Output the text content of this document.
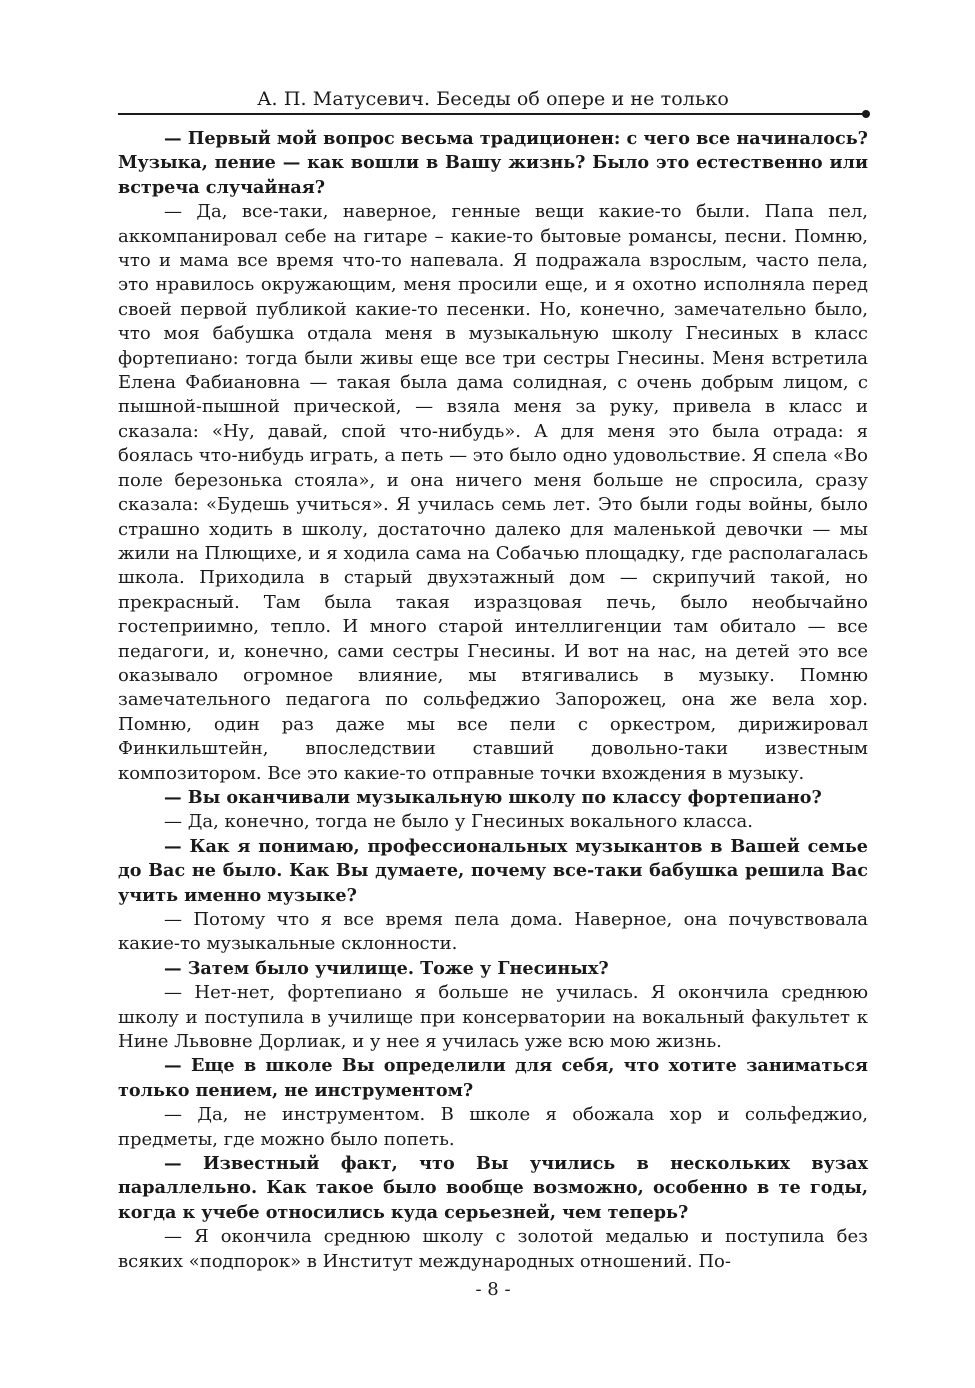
А. П. Матусевич. Беседы об опере и не только

— Первый мой вопрос весьма традиционен: с чего все начиналось? Музыка, пение — как вошли в Вашу жизнь? Было это естественно или встреча случайная?

— Да, все-таки, наверное, генные вещи какие-то были. Папа пел, аккомпанировал себе на гитаре – какие-то бытовые романсы, песни. Помню, что и мама все время что-то напевала. Я подражала взрослым, часто пела, это нравилось окружающим, меня просили еще, и я охотно исполняла перед своей первой публикой какие-то песенки. Но, конечно, замечательно было, что моя бабушка отдала меня в музыкальную школу Гнесиных в класс фортепиано: тогда были живы еще все три сестры Гнесины. Меня встретила Елена Фабиановна — такая была дама солидная, с очень добрым лицом, с пышной-пышной прической, — взяла меня за руку, привела в класс и сказала: «Ну, давай, спой что-нибудь». А для меня это была отрада: я боялась что-нибудь играть, а петь — это было одно удовольствие. Я спела «Во поле березонька стояла», и она ничего меня больше не спросила, сразу сказала: «Будешь учиться». Я училась семь лет. Это были годы войны, было страшно ходить в школу, достаточно далеко для маленькой девочки — мы жили на Плющихе, и я ходила сама на Собачью площадку, где располагалась школа. Приходила в старый двухэтажный дом — скрипучий такой, но прекрасный. Там была такая изразцовая печь, было необычайно гостеприимно, тепло. И много старой интеллигенции там обитало — все педагоги, и, конечно, сами сестры Гнесины. И вот на нас, на детей это все оказывало огромное влияние, мы втягивались в музыку. Помню замечательного педагога по сольфеджио Запорожец, она же вела хор. Помню, один раз даже мы все пели с оркестром, дирижировал Финкильштейн, впоследствии ставший довольно-таки известным композитором. Все это какие-то отправные точки вхождения в музыку.

— Вы оканчивали музыкальную школу по классу фортепиано?

— Да, конечно, тогда не было у Гнесиных вокального класса.

— Как я понимаю, профессиональных музыкантов в Вашей семье до Вас не было. Как Вы думаете, почему все-таки бабушка решила Вас учить именно музыке?

— Потому что я все время пела дома. Наверное, она почувствовала какие-то музыкальные склонности.

— Затем было училище. Тоже у Гнесиных?

— Нет-нет, фортепиано я больше не училась. Я окончила среднюю школу и поступила в училище при консерватории на вокальный факультет к Нине Львовне Дорлиак, и у нее я училась уже всю мою жизнь.

— Еще в школе Вы определили для себя, что хотите заниматься только пением, не инструментом?

— Да, не инструментом. В школе я обожала хор и сольфеджио, предметы, где можно было попеть.

— Известный факт, что Вы учились в нескольких вузах параллельно. Как такое было вообще возможно, особенно в те годы, когда к учебе относились куда серьезней, чем теперь?

— Я окончила среднюю школу с золотой медалью и поступила без всяких «подпорок» в Институт международных отношений. По-

- 8 -
